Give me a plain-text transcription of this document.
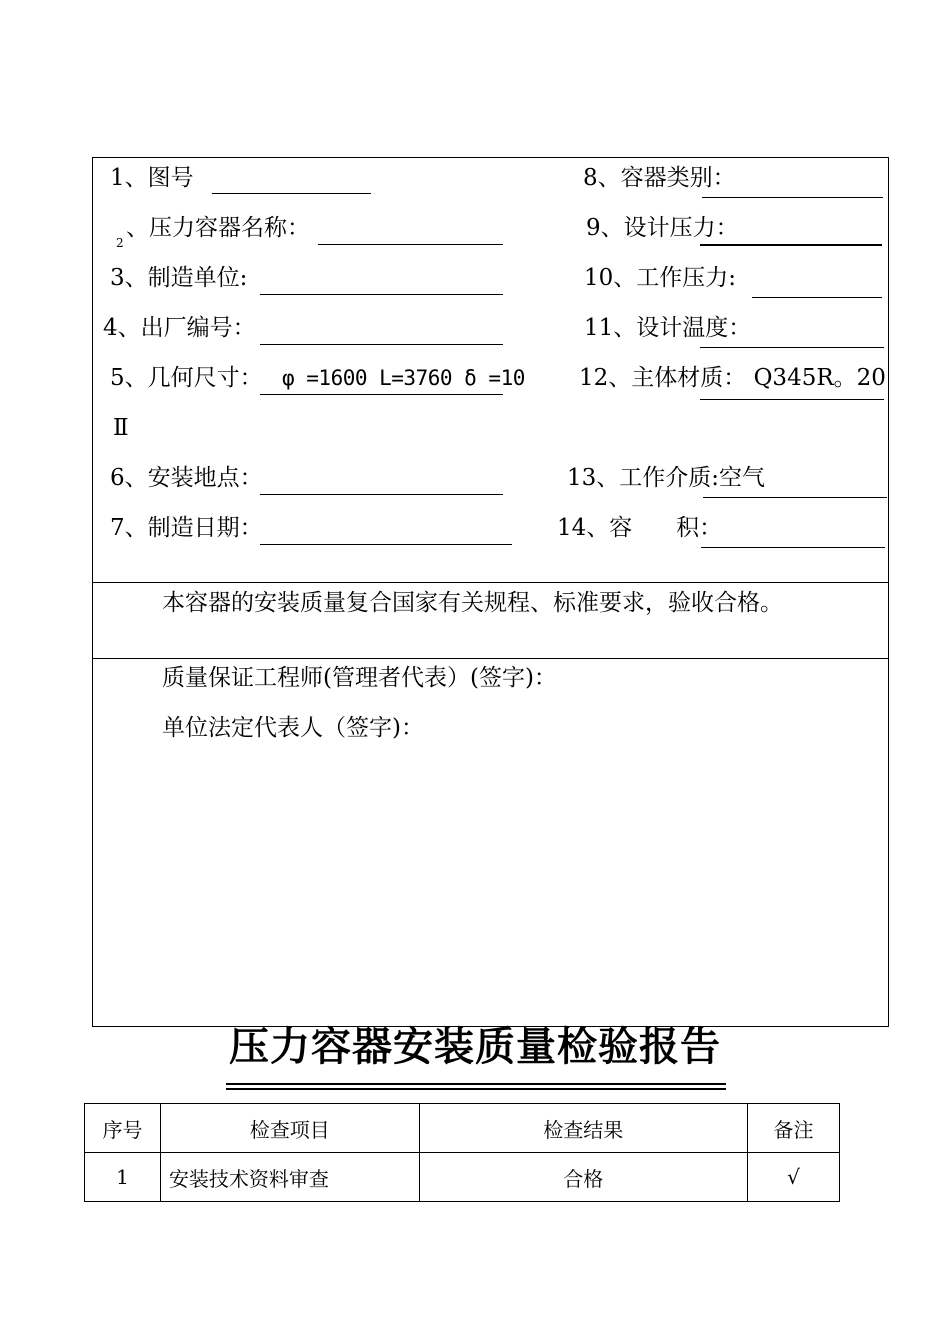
1、图号
2
、压力容器名称：
3、制造单位:
4、出厂编号：
5、几何尺寸： φ =1600 L=3760 δ =10
Ⅱ
6、安装地点：
7、制造日期：
8、容器类别：
9、设计压力：
10、工作压力:
11、设计温度：
12、主体材质： Q345R。20
13、工作介质:空气
14、容      积：
本容器的安装质量复合国家有关规程、标准要求，验收合格。
质量保证工程师(管理者代表）(签字)：
单位法定代表人（签字)：
压力容器安装质量检验报告
序号	检查项目	检查结果	备注
1	安装技术资料审查	合格	√
